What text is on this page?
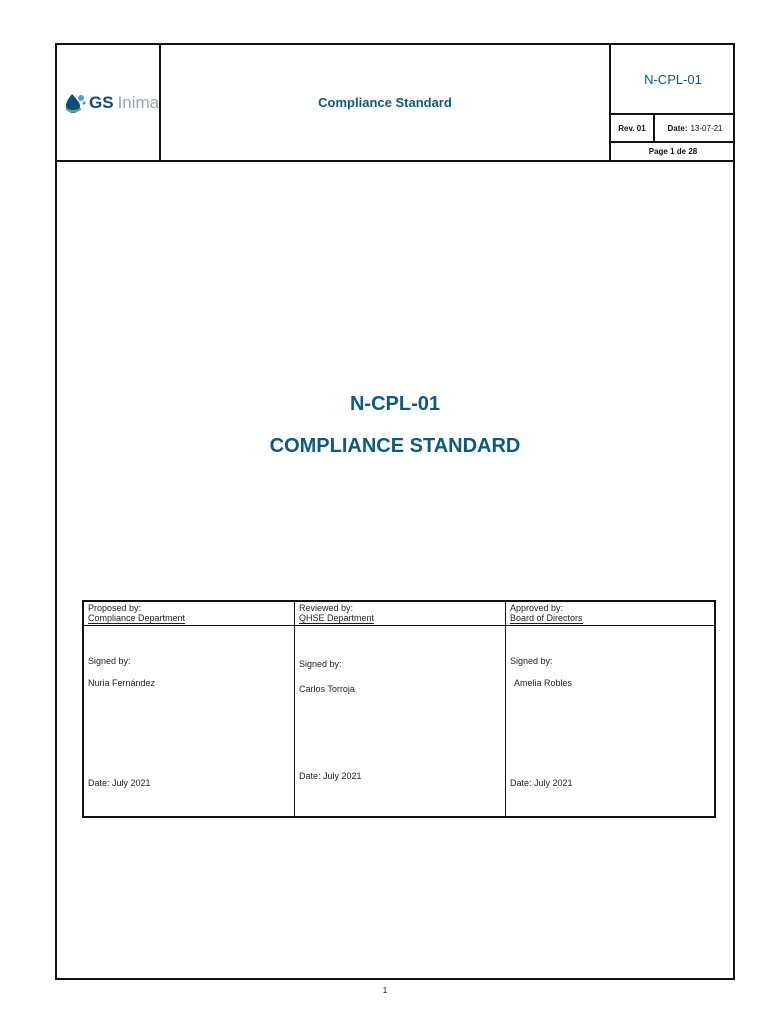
GS Inima	Compliance Standard
N-CPL-01
Rev. 01	Date: 13-07-21
Page 1 de 28
N-CPL-01
COMPLIANCE STANDARD
Proposed by:
Compliance Department
Signed by:
Nuria Fernández
Date: July 2021
Reviewed by:
QHSE Department
Signed by:
Carlos Torroja
Date: July 2021
Approved by:
Board of Directors
Signed by:
Amelia Robles
Date: July 2021
1
